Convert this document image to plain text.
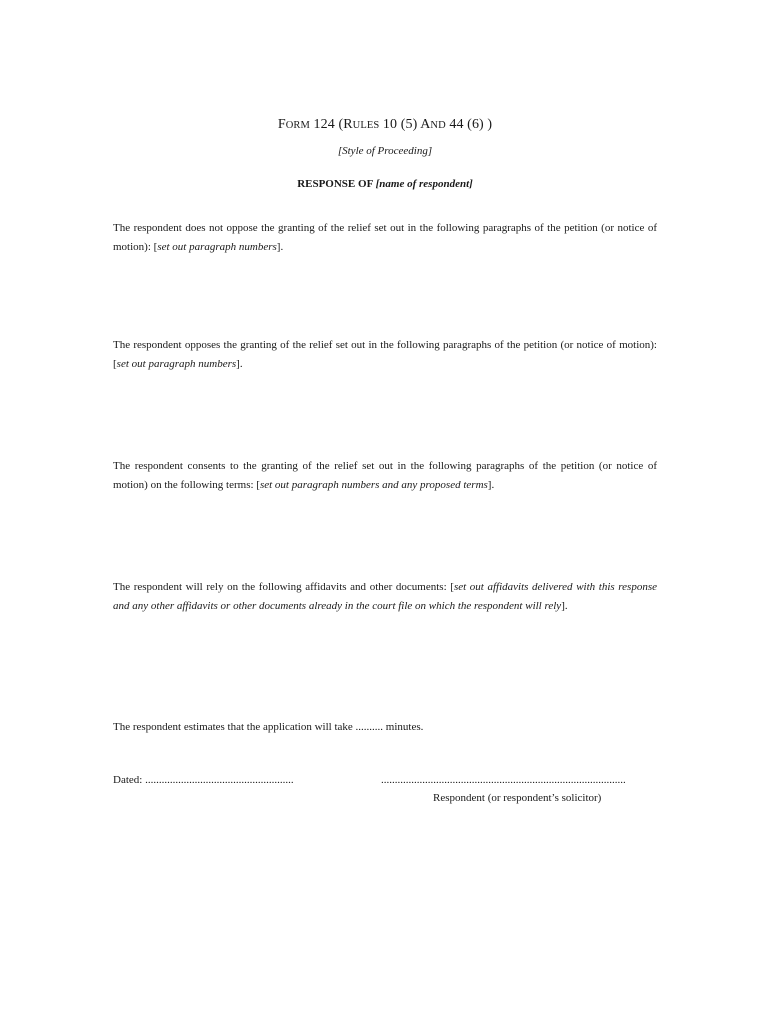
FORM 124 (RULES 10 (5) AND 44 (6) )
[Style of Proceeding]
RESPONSE OF [name of respondent]
The respondent does not oppose the granting of the relief set out in the following paragraphs of the petition (or notice of motion): [set out paragraph numbers].
The respondent opposes the granting of the relief set out in the following paragraphs of the petition (or notice of motion): [set out paragraph numbers].
The respondent consents to the granting of the relief set out in the following paragraphs of the petition (or notice of motion) on the following terms: [set out paragraph numbers and any proposed terms].
The respondent will rely on the following affidavits and other documents: [set out affidavits delivered with this response and any other affidavits or other documents already in the court file on which the respondent will rely].
The respondent estimates that the application will take .......... minutes.
Dated: ......................................................	.........................................................................................
Respondent (or respondent’s solicitor)
